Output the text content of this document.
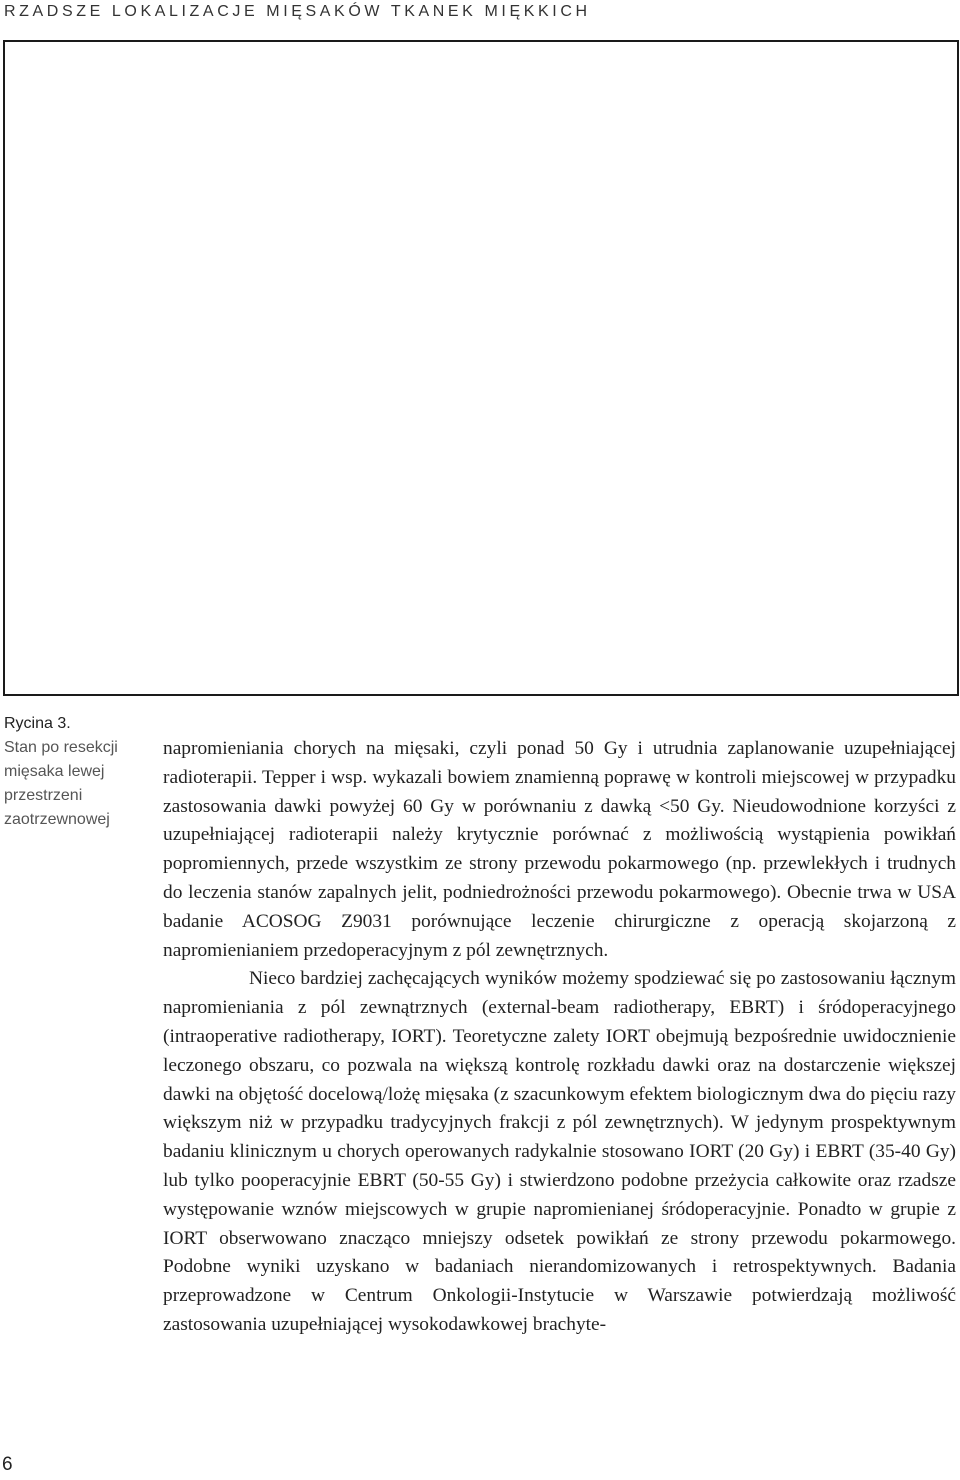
RZADSZE LOKALIZACJE MIĘSAKÓW TKANEK MIĘKKICH
Rycina 3.
Stan po resekcji mięsaka lewej przestrzeni zaotrzewnowej

napromieniania chorych na mięsaki, czyli ponad 50 Gy i utrudnia zaplanowanie uzupełniającej radioterapii. Tepper i wsp. wykazali bowiem znamienną poprawę w kontroli miejscowej w przypadku zastosowania dawki powyżej 60 Gy w porównaniu z dawką <50 Gy. Nieudowodnione korzyści z uzupełniającej radioterapii należy krytycznie porównać z możliwością wystąpienia powikłań popromiennych, przede wszystkim ze strony przewodu pokarmowego (np. przewlekłych i trudnych do leczenia stanów zapalnych jelit, podniedrożności przewodu pokarmowego). Obecnie trwa w USA badanie ACOSOG Z9031 porównujące leczenie chirurgiczne z operacją skojarzoną z napromienianiem przedoperacyjnym z pól zewnętrznych.

Nieco bardziej zachęcających wyników możemy spodziewać się po zastosowaniu łącznym napromieniania z pól zewnątrznych (external-beam radiotherapy, EBRT) i śródoperacyjnego (intraoperative radiotherapy, IORT). Teoretyczne zalety IORT obejmują bezpośrednie uwidocznienie leczonego obszaru, co pozwala na większą kontrolę rozkładu dawki oraz na dostarczenie większej dawki na objętość docelową/lożę mięsaka (z szacunkowym efektem biologicznym dwa do pięciu razy większym niż w przypadku tradycyjnych frakcji z pól zewnętrznych). W jedynym prospektywnym badaniu klinicznym u chorych operowanych radykalnie stosowano IORT (20 Gy) i EBRT (35-40 Gy) lub tylko pooperacyjnie EBRT (50-55 Gy) i stwierdzono podobne przeżycia całkowite oraz rzadsze występowanie wznów miejscowych w grupie napromienianej śródoperacyjnie. Ponadto w grupie z IORT obserwowano znacząco mniejszy odsetek powikłań ze strony przewodu pokarmowego. Podobne wyniki uzyskano w badaniach nierandomizowanych i retrospektywnych. Badania przeprowadzone w Centrum Onkologii-Instytucie w Warszawie potwierdzają możliwość zastosowania uzupełniającej wysokodawkowej brachyte-

6
